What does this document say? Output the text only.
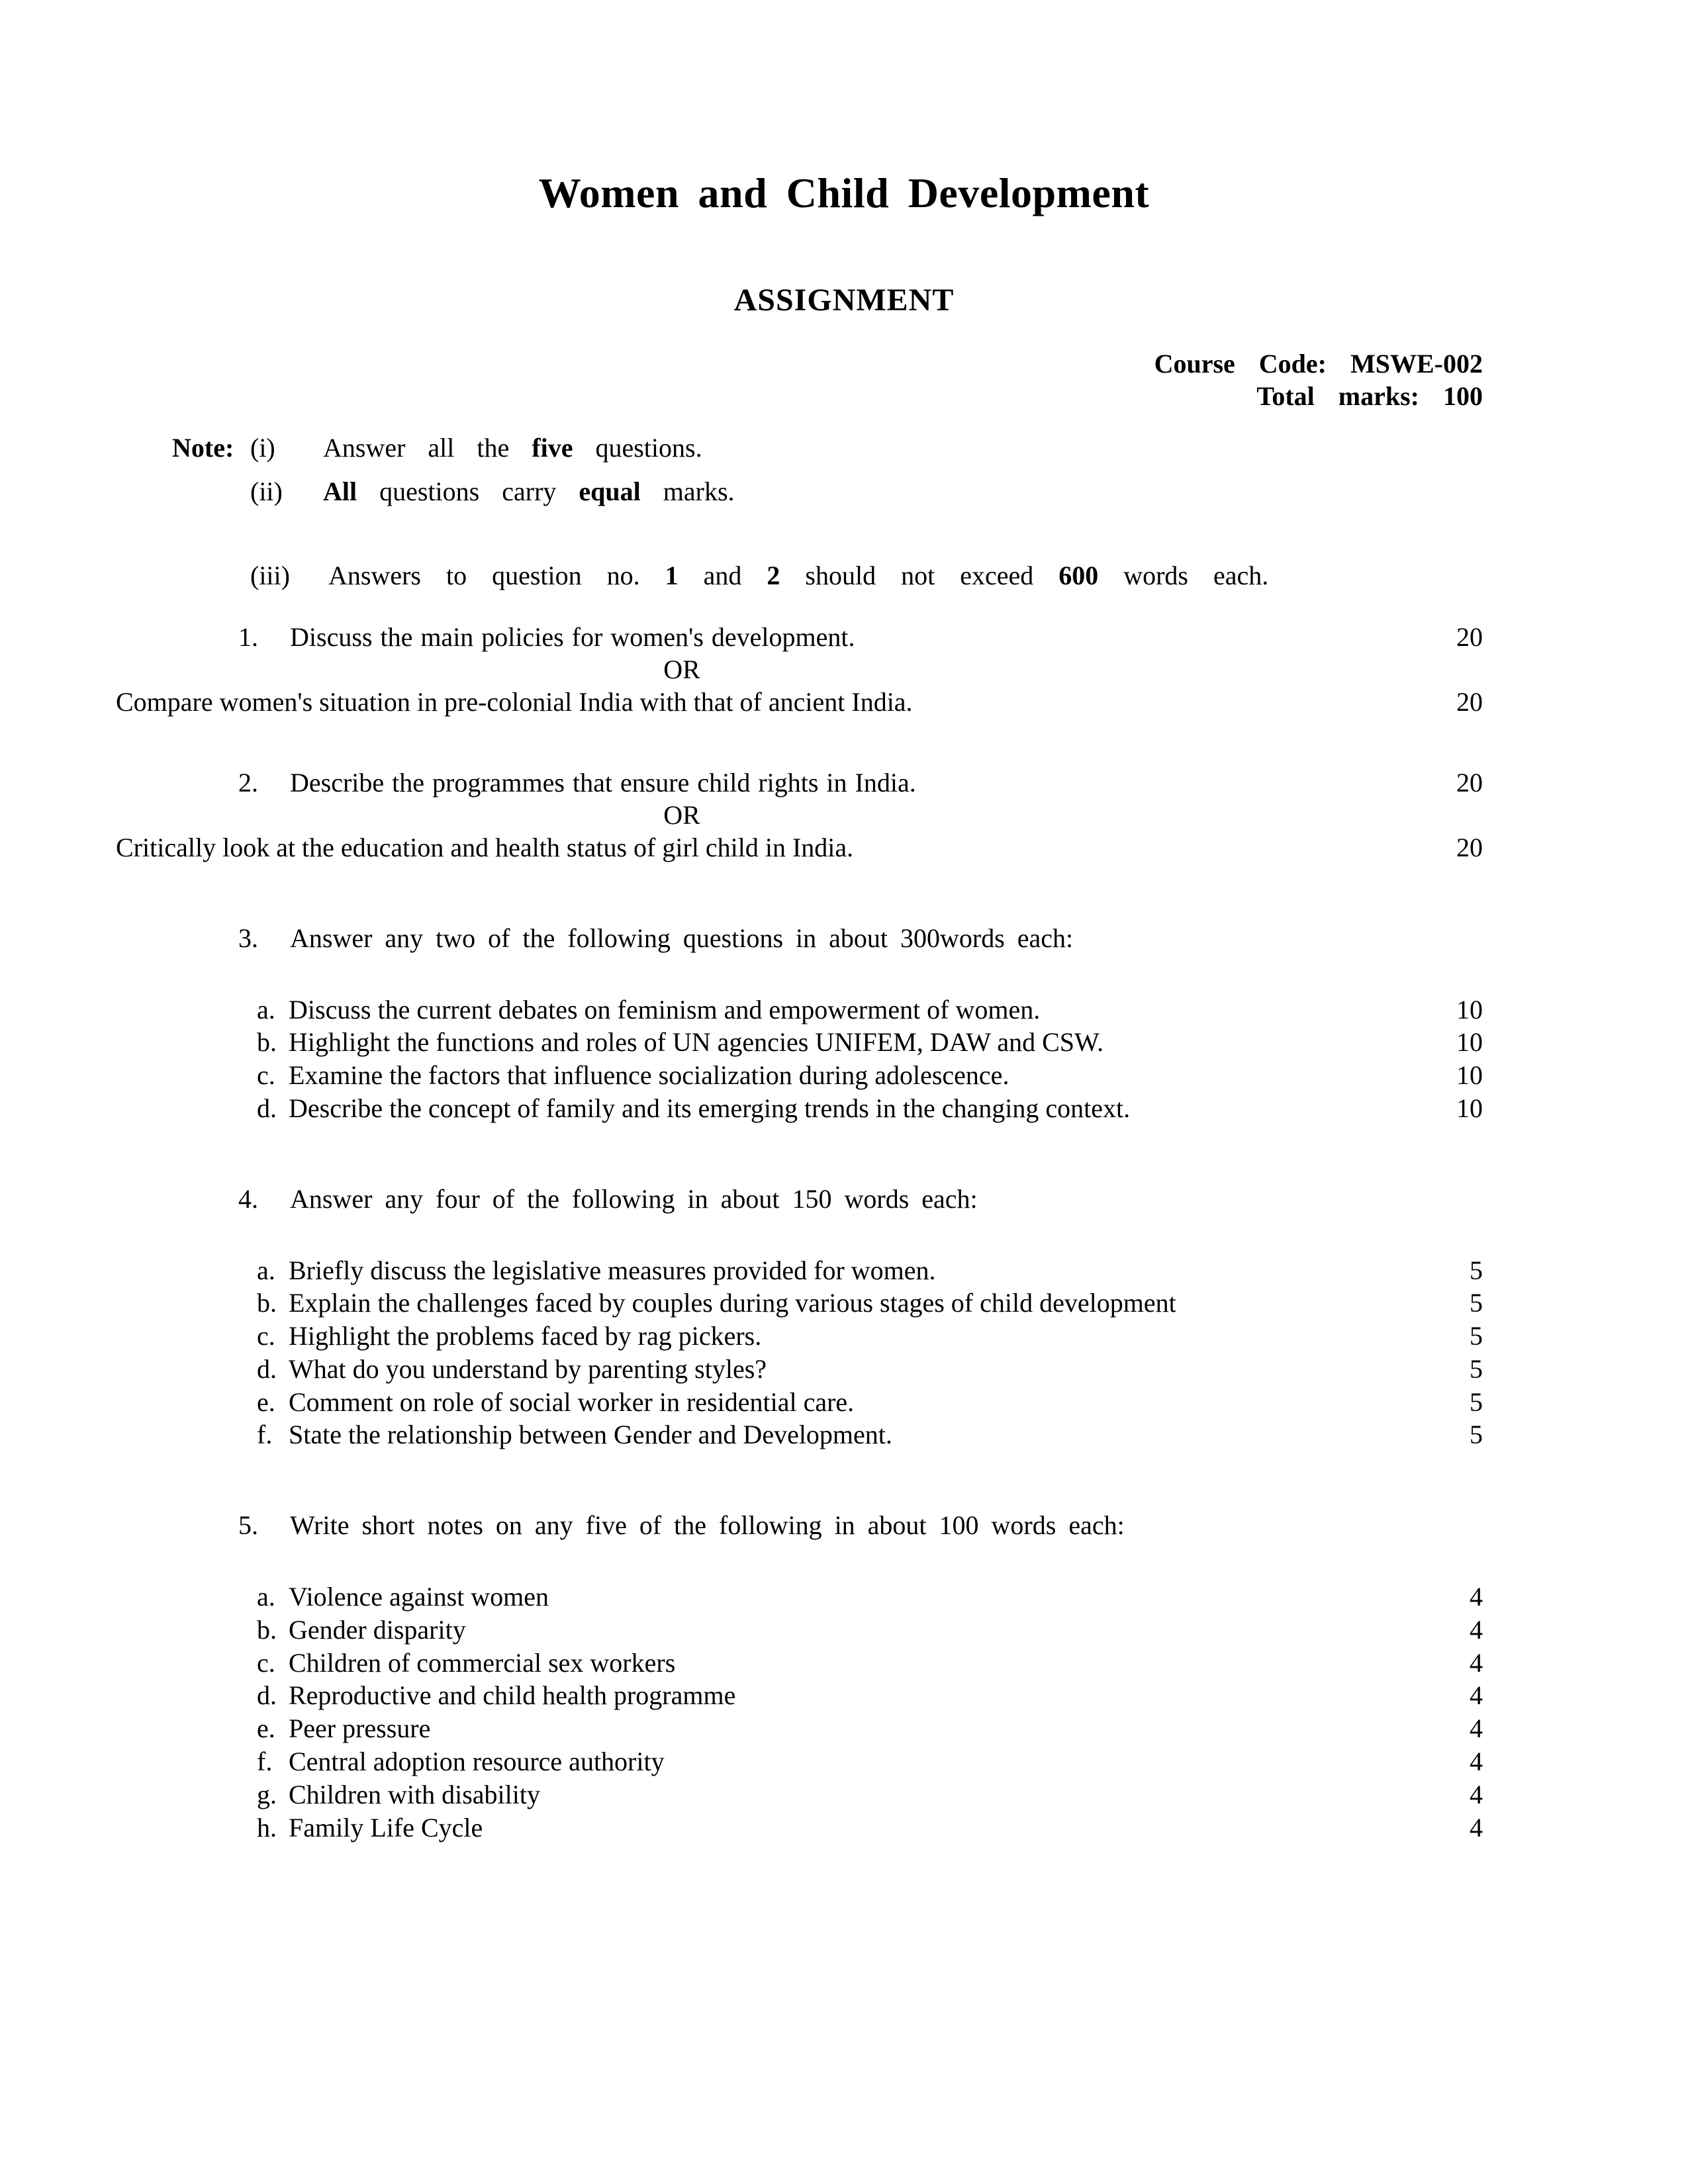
Women and Child Development
ASSIGNMENT
Course  Code:  MSWE-002
Total  marks:  100
Note: (i)	Answer  all  the  five  questions.
(ii)	All  questions  carry  equal  marks.
(iii)	Answers  to  question  no.  1  and  2  should  not  exceed  600  words  each.
1.	Discuss the main policies for women's development.	20
OR
Compare women's situation in pre-colonial India with that of ancient India.	20
2.	Describe the programmes that ensure child rights in India.	20
OR
Critically look at the education and health status of girl child in India.	20
3.	Answer any two of the following questions in about 300words each:
a. Discuss the current debates on feminism and empowerment of women.	10
b. Highlight the functions and roles of UN agencies UNIFEM, DAW and CSW.	10
c. Examine the factors that influence socialization during adolescence.	10
d. Describe the concept of family and its emerging trends in the changing context.	10
4.	Answer any four of the following in about 150 words each:
a. Briefly discuss the legislative measures provided for women.	5
b. Explain the challenges faced by couples during various stages of child development	5
c. Highlight the problems faced by rag pickers.	5
d. What do you understand by parenting styles?	5
e. Comment on role of social worker in residential care.	5
f. State the relationship between Gender and Development.	5
5.	Write short notes on any five of the following in about 100 words each:
a. Violence against women	4
b. Gender disparity	4
c. Children of commercial sex workers	4
d. Reproductive and child health programme	4
e. Peer pressure	4
f. Central adoption resource authority	4
g. Children with disability	4
h. Family Life Cycle	4
